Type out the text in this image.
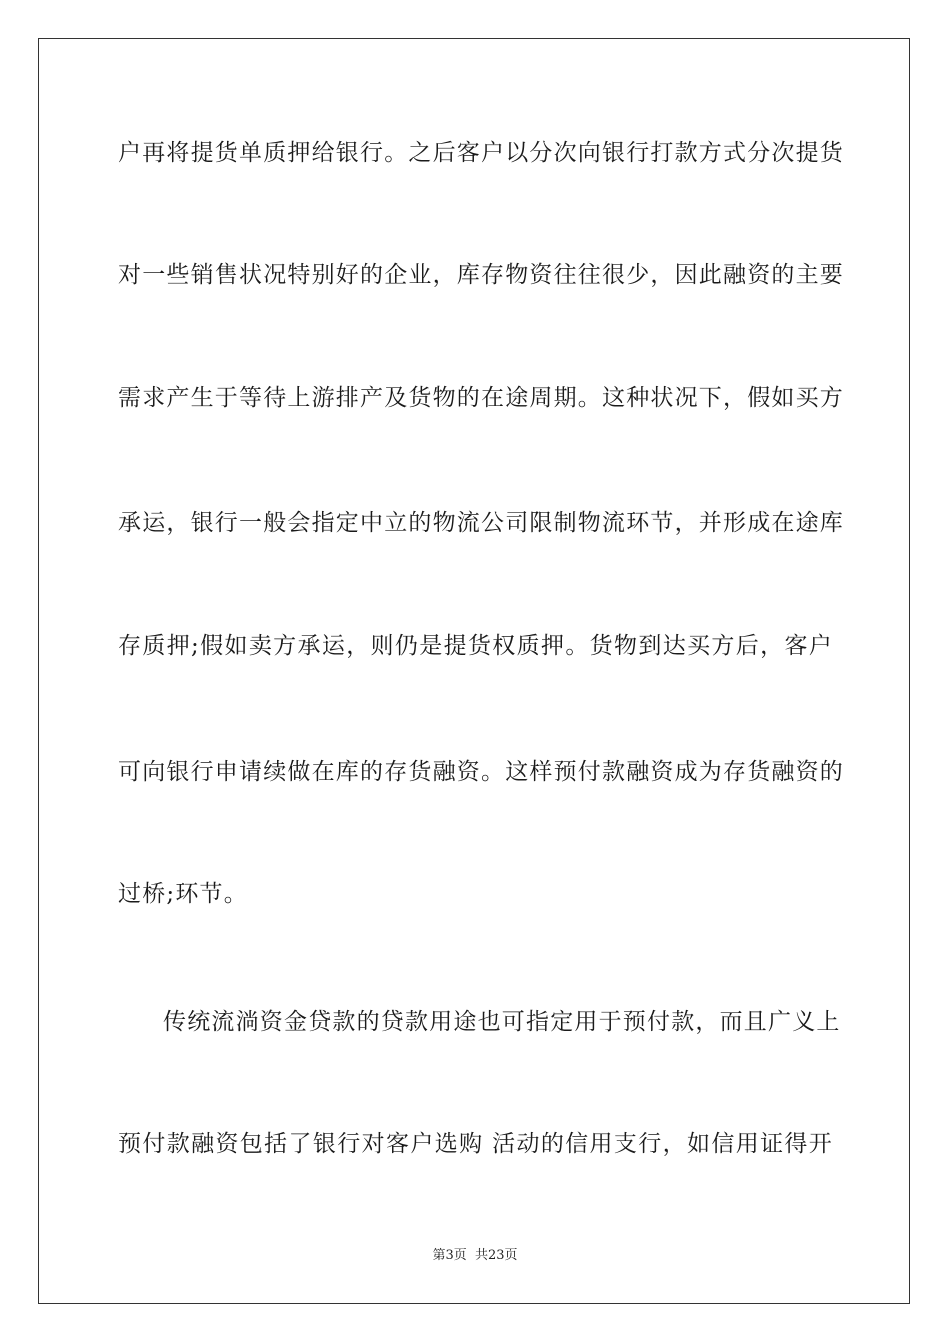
户再将提货单质押给银行。之后客户以分次向银行打款方式分次提货
对一些销售状况特别好的企业，库存物资往往很少，因此融资的主要
需求产生于等待上游排产及货物的在途周期。这种状况下，假如买方
承运，银行一般会指定中立的物流公司限制物流环节，并形成在途库
存质押;假如卖方承运，则仍是提货权质押。货物到达买方后，客户
可向银行申请续做在库的存货融资。这样预付款融资成为存货融资的
过桥;环节。
传统流淌资金贷款的贷款用途也可指定用于预付款，而且广义上
预付款融资包括了银行对客户选购 活动的信用支行，如信用证得开
第3页 共23页
